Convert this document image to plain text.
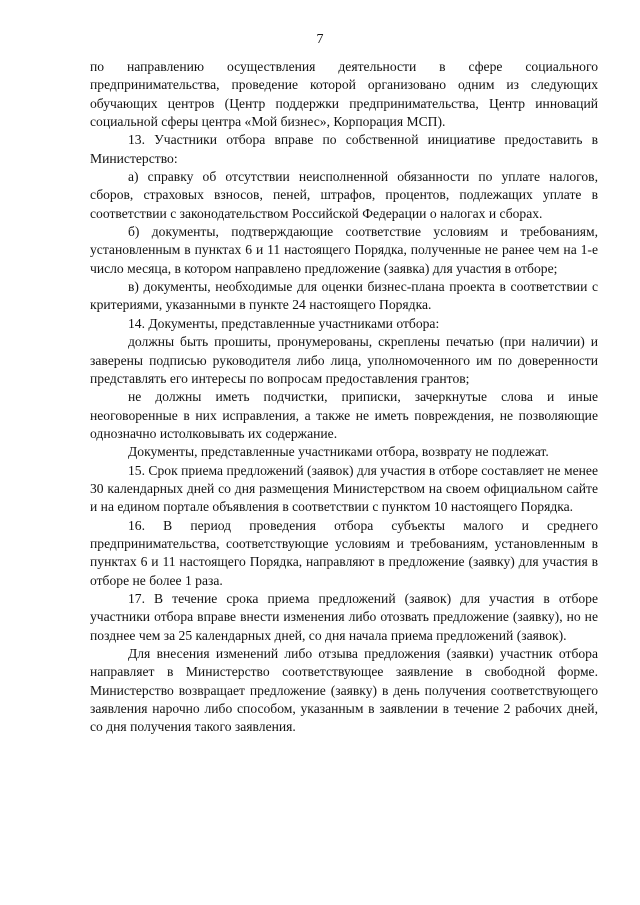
7

по направлению осуществления деятельности в сфере социального предпринимательства, проведение которой организовано одним из следующих обучающих центров (Центр поддержки предпринимательства, Центр инноваций социальной сферы центра «Мой бизнес», Корпорация МСП).

13. Участники отбора вправе по собственной инициативе предоставить в Министерство:

а) справку об отсутствии неисполненной обязанности по уплате налогов, сборов, страховых взносов, пеней, штрафов, процентов, подлежащих уплате в соответствии с законодательством Российской Федерации о налогах и сборах.

б) документы, подтверждающие соответствие условиям и требованиям, установленным в пунктах 6 и 11 настоящего Порядка, полученные не ранее чем на 1-е число месяца, в котором направлено предложение (заявка) для участия в отборе;

в) документы, необходимые для оценки бизнес-плана проекта в соответствии с критериями, указанными в пункте 24 настоящего Порядка.

14. Документы, представленные участниками отбора:

должны быть прошиты, пронумерованы, скреплены печатью (при наличии) и заверены подписью руководителя либо лица, уполномоченного им по доверенности представлять его интересы по вопросам предоставления грантов;

не должны иметь подчистки, приписки, зачеркнутые слова и иные неоговоренные в них исправления, а также не иметь повреждения, не позволяющие однозначно истолковывать их содержание.

Документы, представленные участниками отбора, возврату не подлежат.

15. Срок приема предложений (заявок) для участия в отборе составляет не менее 30 календарных дней со дня размещения Министерством на своем официальном сайте и на едином портале объявления в соответствии с пунктом 10 настоящего Порядка.

16. В период проведения отбора субъекты малого и среднего предпринимательства, соответствующие условиям и требованиям, установленным в пунктах 6 и 11 настоящего Порядка, направляют в предложение (заявку) для участия в отборе не более 1 раза.

17. В течение срока приема предложений (заявок) для участия в отборе участники отбора вправе внести изменения либо отозвать предложение (заявку), но не позднее чем за 25 календарных дней, со дня начала приема предложений (заявок).

Для внесения изменений либо отзыва предложения (заявки) участник отбора направляет в Министерство соответствующее заявление в свободной форме. Министерство возвращает предложение (заявку) в день получения соответствующего заявления нарочно либо способом, указанным в заявлении в течение 2 рабочих дней, со дня получения такого заявления.
